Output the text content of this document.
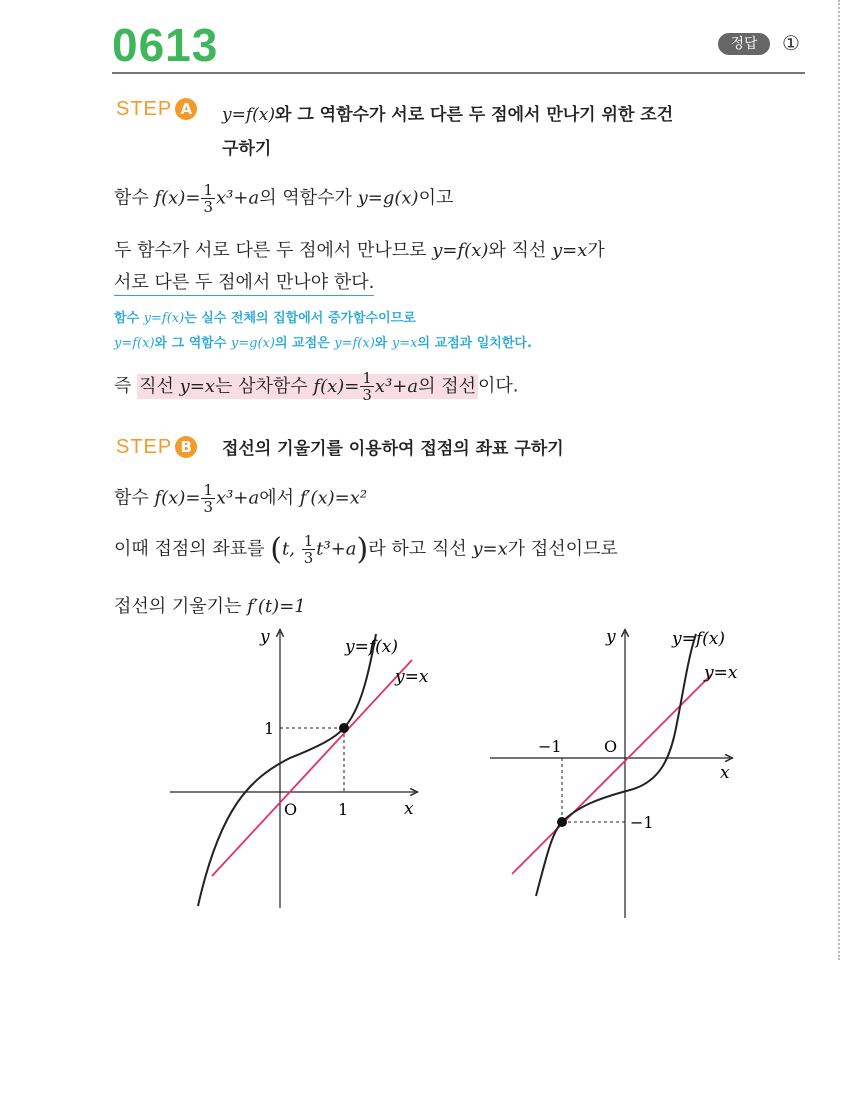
0613	정답	①
STEP A	y=f(x)와 그 역함수가 서로 다른 두 점에서 만나기 위한 조건
구하기
함수 $f(x)= \frac{1}{3} x^3+a$의 역함수가 y=g(x)이고
두 함수가 서로 다른 두 점에서 만나므로 y=f(x)와 직선 y=x가
서로 다른 두 점에서 만나야 한다.
함수 y=f(x)는 실수 전체의 집합에서 증가함수이므로
y=f(x)와 그 역함수 y=g(x)의 교점은 y=f(x)와 y=x의 교점과 일치한다.
즉 직선 y=x는 삼차함수 $f(x)= \frac{1}{3} x^3+a$의 접선 이다.
STEP B	접선의 기울기를 이용하여 접점의 좌표 구하기
함수 $f(x)= \frac{1}{3} x^3+a$에서 f′(x)=x²
이때 접점의 좌표를 (t, $\frac{1}{3} t^3+a$)라 하고 직선 y=x가 접선이므로
접선의 기울기는 f′(t)=1
y
x
O	1
1
y=f(x)
y=x
y
x
O
−1
−1
y=f(x)
y=x
